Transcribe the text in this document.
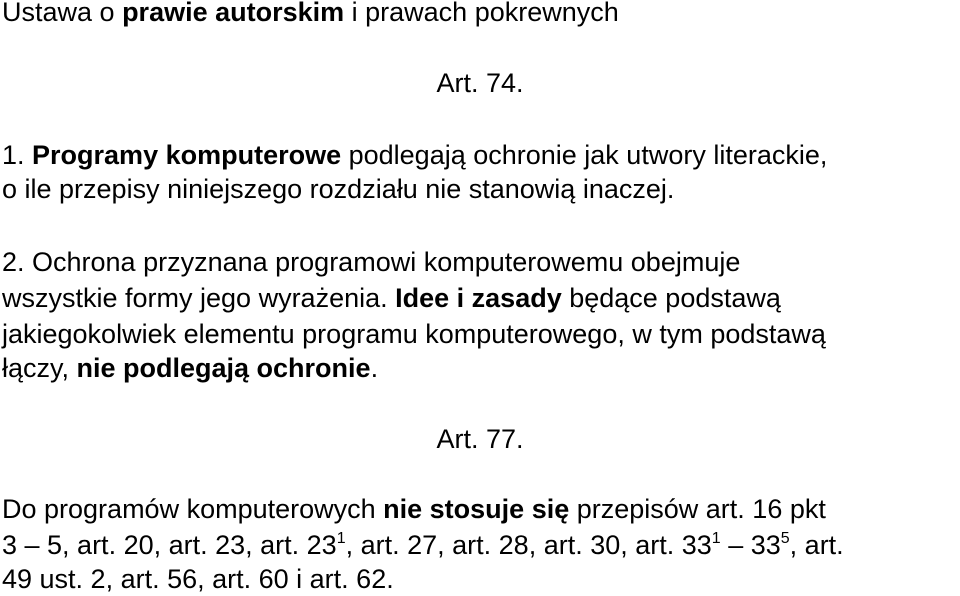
Ustawa o prawie autorskim i prawach pokrewnych
Art. 74.
1. Programy komputerowe podlegają ochronie jak utwory literackie,
o ile przepisy niniejszego rozdziału nie stanowią inaczej.
2. Ochrona przyznana programowi komputerowemu obejmuje
wszystkie formy jego wyrażenia. Idee i zasady będące podstawą
jakiegokolwiek elementu programu komputerowego, w tym podstawą
łączy, nie podlegają ochronie.
Art. 77.
Do programów komputerowych nie stosuje się przepisów art. 16 pkt
3 – 5, art. 20, art. 23, art. $23^1$, art. 27, art. 28, art. 30, art. $33^1 - 33^5$, art.
49 ust. 2, art. 56, art. 60 i art. 62.
